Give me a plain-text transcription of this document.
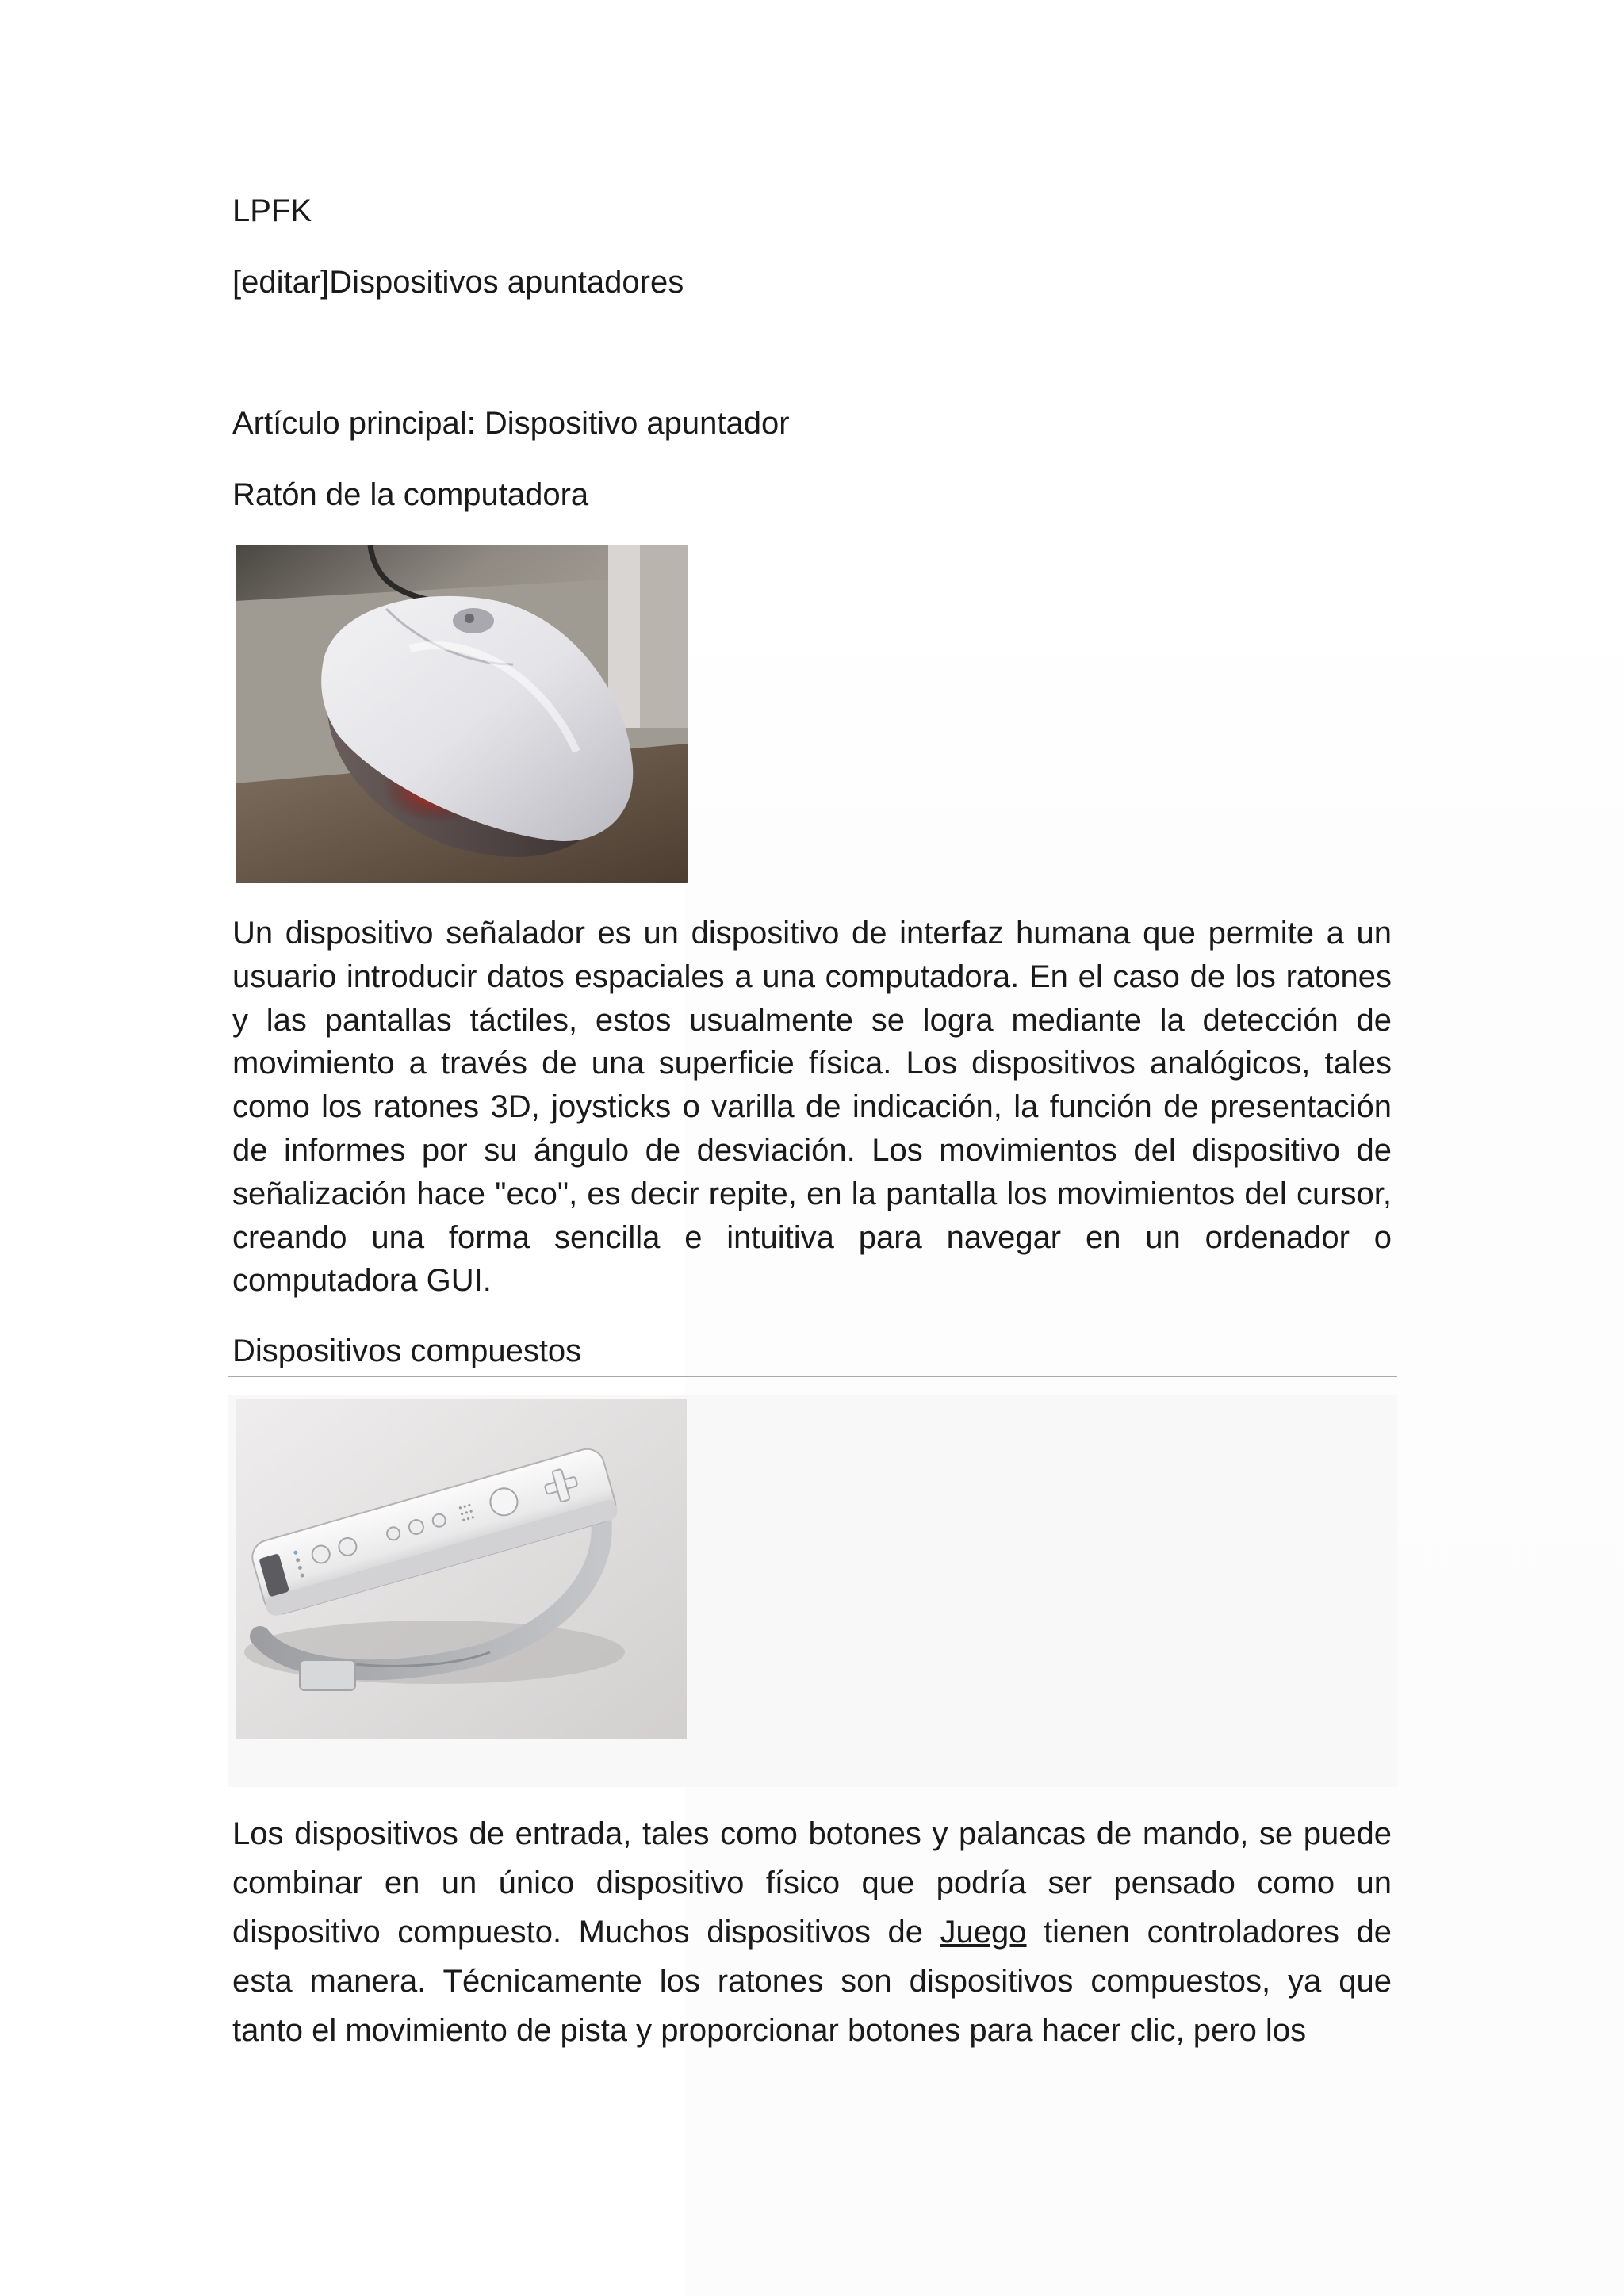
LPFK
[editar]Dispositivos apuntadores
Artículo principal: Dispositivo apuntador
Ratón de la computadora

Un dispositivo señalador es un dispositivo de interfaz humana que permite a un usuario introducir datos espaciales a una computadora. En el caso de los ratones y las pantallas táctiles, estos usualmente se logra mediante la detección de movimiento a través de una superficie física. Los dispositivos analógicos, tales como los ratones 3D, joysticks o varilla de indicación, la función de presentación de informes por su ángulo de desviación. Los movimientos del dispositivo de señalización hace "eco", es decir repite, en la pantalla los movimientos del cursor, creando una forma sencilla e intuitiva para navegar en un ordenador o computadora GUI.

Dispositivos compuestos

Los dispositivos de entrada, tales como botones y palancas de mando, se puede combinar en un único dispositivo físico que podría ser pensado como un dispositivo compuesto. Muchos dispositivos de Juego tienen controladores de esta manera. Técnicamente los ratones son dispositivos compuestos, ya que tanto el movimiento de pista y proporcionar botones para hacer clic, pero los
